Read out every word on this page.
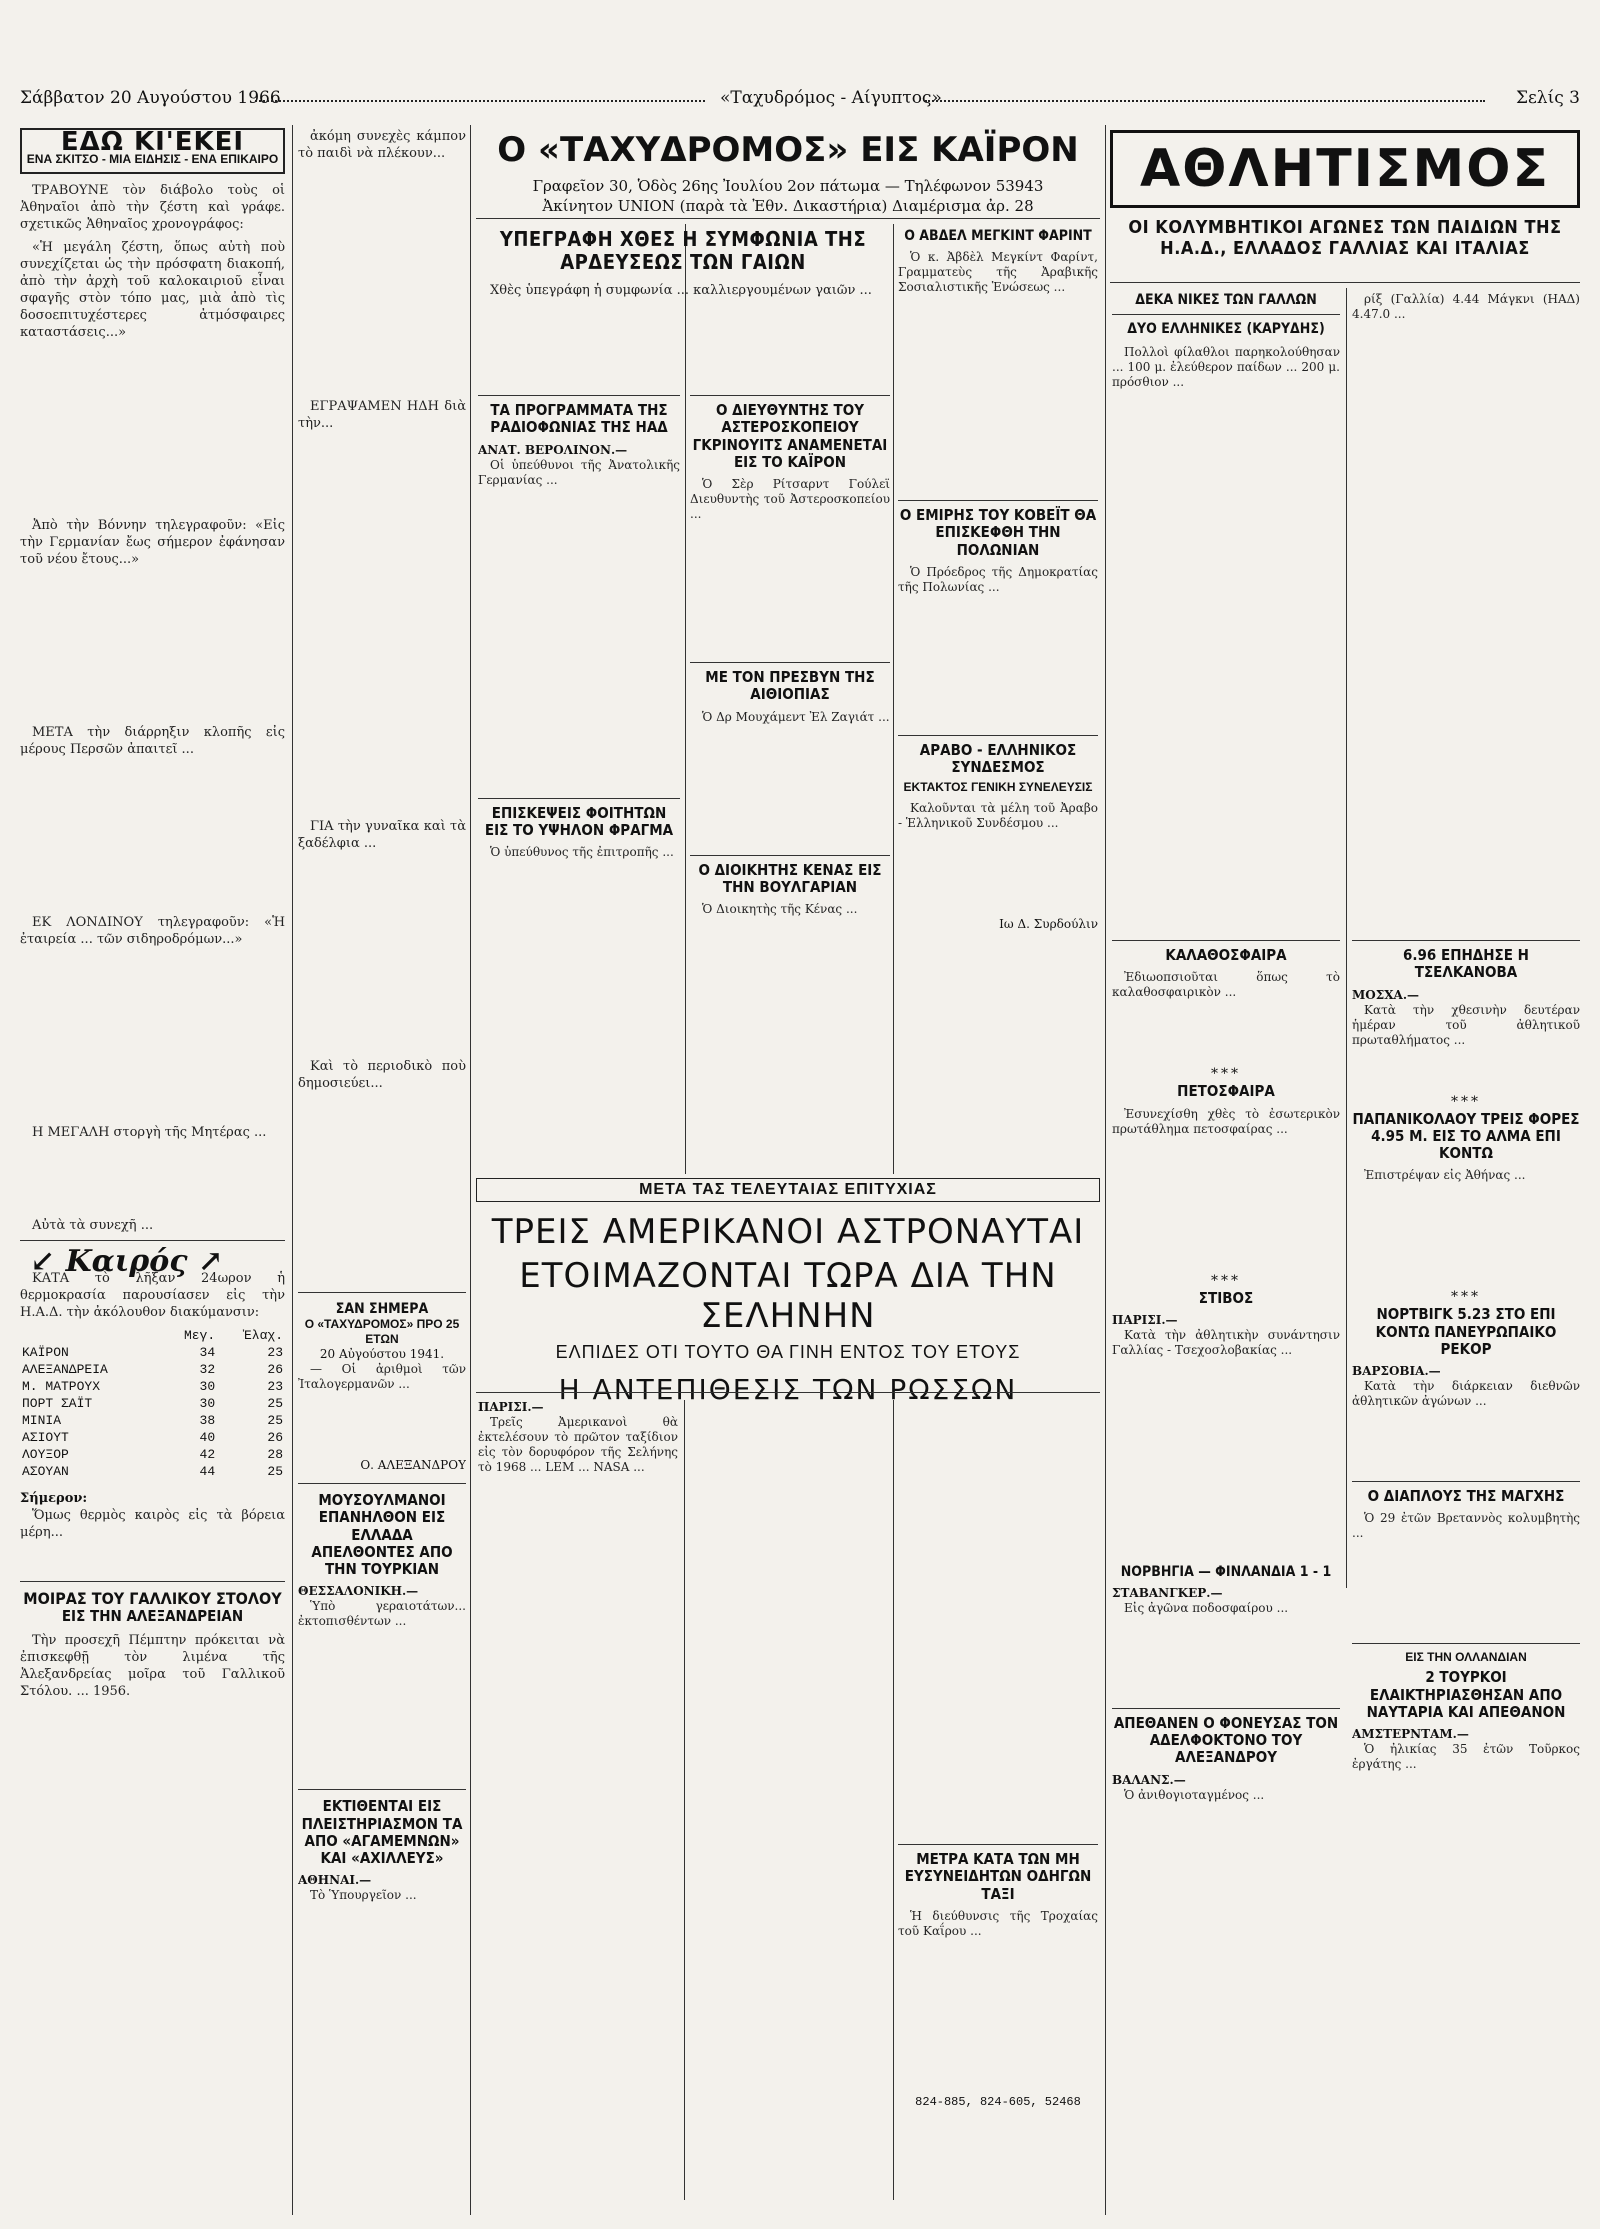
Σάββατον 20 Αυγούστου 1966	«Ταχυδρόμος - Αίγυπτος»	Σελίς 3
ΕΔΩ ΚΙ'ΕΚΕΙ
ΕΝΑ ΣΚΙΤΣΟ - ΜΙΑ ΕΙΔΗΣΙΣ - ΕΝΑ ΕΠΙΚΑΙΡΟ

ΤΡΑΒΟΥΝΕ τὸν διάβολο τοὺς οἱ Ἀθηναῖοι ἀπὸ τὴν ζέστη καὶ γράφε. σχετικῶς Ἀθηναῖος χρονογράφος:

«Ἡ μεγάλη ζέστη, ὅπως αὐτὴ ποὺ συνεχίζεται ὡς τὴν πρόσφατη διακοπή, ἀπὸ τὴν ἀρχὴ τοῦ καλοκαιριοῦ εἶναι σφαγῆς στὸν τόπο μας, μιὰ ἀπὸ τὶς δοσοεπιτυχέστερες ἀτμόσφαιρες καταστάσεις...»

Ἀπὸ τὴν Βόννην τηλεγραφοῦν: «Εἰς τὴν Γερμανίαν ἔως σήμερον ἐφάνησαν τοῦ νέου ἔτους...»

ΜΕΤΑ τὴν διάρρηξιν κλοπῆς εἰς μέρους Περσῶν ἀπαιτεῖ ...

ΕΚ ΛΟΝΔΙΝΟΥ τηλεγραφοῦν: «Ἡ ἐταιρεία ... τῶν σιδηροδρόμων...»

Η ΜΕΓΑΛΗ στοργὴ τῆς Μητέρας ...

Αὐτὰ τὰ συνεχῆ ...

↙ Καιρός ↗

ΚΑΤΑ τὸ λῆξαν 24ωρον ἡ θερμοκρασία παρουσίασεν εἰς τὴν Η.Α.Δ. τὴν ἀκόλουθον διακύμανσιν:

	Μεγ.	Ἐλαχ.
ΚΑΪΡΟΝ	34	23
ΑΛΕΞΑΝΔΡΕΙΑ	32	26
Μ. ΜΑΤΡΟΥΧ	30	23
ΠΟΡΤ ΣΑΪΤ	30	25
ΜΙΝΙΑ	38	25
ΑΣΙΟΥΤ	40	26
ΛΟΥΞΟΡ	42	28
ΑΣΟΥΑΝ	44	25
Σήμερον:

Ὅμως θερμὸς καιρὸς εἰς τὰ βόρεια μέρη...

ΜΟΙΡΑΣ ΤΟΥ ΓΑΛΛΙΚΟΥ ΣΤΟΛΟΥ
ΕΙΣ ΤΗΝ ΑΛΕΞΑΝΔΡΕΙΑΝ

Τὴν προσεχῆ Πέμπτην πρόκειται νὰ ἐπισκεφθῇ τὸν λιμένα τῆς Ἀλεξανδρείας μοῖρα τοῦ Γαλλικοῦ Στόλου. ... 1956.

ἀκόμη συνεχὲς κάμπον τὸ παιδὶ νὰ πλέκουν...

ΕΓΡΑΨΑΜΕΝ ΗΔΗ διὰ τὴν...

ΓΙΑ τὴν γυναῖκα καὶ τὰ ξαδέλφια ...

Καὶ τὸ περιοδικὸ ποὺ δημοσιεύει...

ΣΑΝ ΣΗΜΕΡΑ
Ο «ΤΑΧΥΔΡΟΜΟΣ» ΠΡΟ 25 ΕΤΩΝ
20 Αὐγούστου 1941.

— Οἱ ἀριθμοὶ τῶν Ἰταλογερμανῶν ...

Ο. ΑΛΕΞΑΝΔΡΟΥ
ΜΟΥΣΟΥΛΜΑΝΟΙ ΕΠΑΝΗΛΘΟΝ ΕΙΣ ΕΛΛΑΔΑ ΑΠΕΛΘΟΝΤΕΣ ΑΠΟ ΤΗΝ ΤΟΥΡΚΙΑΝ
ΘΕΣΣΑΛΟΝΙΚΗ.—

Ὑπὸ γεραιοτάτων... ἐκτοπισθέντων ...

ΕΚΤΙΘΕΝΤΑΙ ΕΙΣ ΠΛΕΙΣΤΗΡΙΑΣΜΟΝ ΤΑ ΑΠΟ «ΑΓΑΜΕΜΝΩΝ» ΚΑΙ «ΑΧΙΛΛΕΥΣ»
ΑΘΗΝΑΙ.—

Τὸ Ὑπουργεῖον ...

Ο «ΤΑΧΥΔΡΟΜΟΣ» ΕΙΣ ΚΑΪΡΟΝ
Γραφεῖον 30, Ὁδὸς 26ης Ἰουλίου 2ον πάτωμα — Τηλέφωνον 53943
Ἀκίνητον UNION (παρὰ τὰ Ἐθν. Δικαστήρια) Διαμέρισμα ἀρ. 28
ΥΠΕΓΡΑΦΗ ΧΘΕΣ Η ΣΥΜΦΩΝΙΑ ΤΗΣ ΑΡΔΕΥΣΕΩΣ ΤΩΝ ΓΑΙΩΝ

Χθὲς ὑπεγράφη ἡ συμφωνία ... καλλιεργουμένων γαιῶν ...

Ο ΑΒΔΕΛ ΜΕΓΚΙΝΤ ΦΑΡΙΝΤ

Ὁ κ. Ἀβδὲλ Μεγκίντ Φαρίντ, Γραμματεὺς τῆς Ἀραβικῆς Σοσιαλιστικῆς Ἑνώσεως ...

ΤΑ ΠΡΟΓΡΑΜΜΑΤΑ ΤΗΣ ΡΑΔΙΟΦΩΝΙΑΣ ΤΗΣ ΗΑΔ
ΑΝΑΤ. ΒΕΡΟΛΙΝΟΝ.—

Οἱ ὑπεύθυνοι τῆς Ἀνατολικῆς Γερμανίας ...

ΕΠΙΣΚΕΨΕΙΣ ΦΟΙΤΗΤΩΝ ΕΙΣ ΤΟ ΥΨΗΛΟΝ ΦΡΑΓΜΑ

Ὁ ὑπεύθυνος τῆς ἐπιτροπῆς ...

Ο ΔΙΕΥΘΥΝΤΗΣ ΤΟΥ ΑΣΤΕΡΟΣΚΟΠΕΙΟΥ ΓΚΡΙΝΟΥΙΤΣ ΑΝΑΜΕΝΕΤΑΙ ΕΙΣ ΤΟ ΚΑΪΡΟΝ

Ὁ Σὲρ Ρίτσαρντ Γούλεϊ Διευθυντὴς τοῦ Ἀστεροσκοπείου ...

ΜΕ ΤΟΝ ΠΡΕΣΒΥΝ ΤΗΣ ΑΙΘΙΟΠΙΑΣ

Ὁ Δρ Μουχάμεντ Ἐλ Ζαγιάτ ...

Ο ΔΙΟΙΚΗΤΗΣ ΚΕΝΑΣ ΕΙΣ ΤΗΝ ΒΟΥΛΓΑΡΙΑΝ

Ὁ Διοικητὴς τῆς Κένας ...

Ο ΕΜΙΡΗΣ ΤΟΥ ΚΟΒΕΪΤ ΘΑ ΕΠΙΣΚΕΦΘΗ ΤΗΝ ΠΟΛΩΝΙΑΝ

Ὁ Πρόεδρος τῆς Δημοκρατίας τῆς Πολωνίας ...

ΑΡΑΒΟ - ΕΛΛΗΝΙΚΟΣ ΣΥΝΔΕΣΜΟΣ
ΕΚΤΑΚΤΟΣ ΓΕΝΙΚΗ ΣΥΝΕΛΕΥΣΙΣ

Καλοῦνται τὰ μέλη τοῦ Ἀραβο - Ἑλληνικοῦ Συνδέσμου ...

Ιω Δ. Συρδούλιν
ΜΕΤΑ ΤΑΣ ΤΕΛΕΥΤΑΙΑΣ ΕΠΙΤΥΧΙΑΣ
ΤΡΕΙΣ ΑΜΕΡΙΚΑΝΟΙ ΑΣΤΡΟΝΑΥΤΑΙ
ΕΤΟΙΜΑΖΟΝΤΑΙ ΤΩΡΑ ΔΙΑ ΤΗΝ ΣΕΛΗΝΗΝ
ΕΛΠΙΔΕΣ ΟΤΙ ΤΟΥΤΟ ΘΑ ΓΙΝΗ ΕΝΤΟΣ ΤΟΥ ΕΤΟΥΣ
Η ΑΝΤΕΠΙΘΕΣΙΣ ΤΩΝ ΡΩΣΣΩΝ
ΠΑΡΙΣΙ.—

Τρεῖς Ἀμερικανοὶ θὰ ἐκτελέσουν τὸ πρῶτον ταξίδιον εἰς τὸν δορυφόρον τῆς Σελήνης τὸ 1968 ... LEM ... NASA ...

ΜΕΤΡΑ ΚΑΤΑ ΤΩΝ ΜΗ ΕΥΣΥΝΕΙΔΗΤΩΝ ΟΔΗΓΩΝ ΤΑΞΙ

Ἡ διεύθυνσις τῆς Τροχαίας τοῦ Καΐρου ...

824-885, 824-605, 52468
ΑΘΛΗΤΙΣΜΟΣ
ΟΙ ΚΟΛΥΜΒΗΤΙΚΟΙ ΑΓΩΝΕΣ ΤΩΝ ΠΑΙΔΙΩΝ ΤΗΣ Η.Α.Δ., ΕΛΛΑΔΟΣ ΓΑΛΛΙΑΣ ΚΑΙ ΙΤΑΛΙΑΣ
ΔΕΚΑ ΝΙΚΕΣ ΤΩΝ ΓΑΛΛΩΝ
ΔΥΟ ΕΛΛΗΝΙΚΕΣ (ΚΑΡΥΔΗΣ)

Πολλοὶ φίλαθλοι παρηκολούθησαν ... 100 μ. ἐλεύθερον παίδων ... 200 μ. πρόσθιον ...

ρίξ (Γαλλία) 4.44 Μάγκνι (ΗΑΔ) 4.47.0 ...

ΚΑΛΑΘΟΣΦΑΙΡΑ

Ἐδιωοπσιοῦται ὅπως τὸ καλαθοσφαιρικὸν ...

***
ΠΕΤΟΣΦΑΙΡΑ

Ἐσυνεχίσθη χθὲς τὸ ἐσωτερικὸν πρωτάθλημα πετοσφαίρας ...

***
ΣΤΙΒΟΣ
ΠΑΡΙΣΙ.—

Κατὰ τὴν ἀθλητικὴν συνάντησιν Γαλλίας - Τσεχοσλοβακίας ...

ΝΟΡΒΗΓΙΑ — ΦΙΝΛΑΝΔΙΑ 1 - 1
ΣΤΑΒΑΝΓΚΕΡ.—

Εἰς ἀγῶνα ποδοσφαίρου ...

ΑΠΕΘΑΝΕΝ Ο ΦΟΝΕΥΣΑΣ ΤΟΝ ΑΔΕΛΦΟΚΤΟΝΟ ΤΟΥ ΑΛΕΞΑΝΔΡΟΥ
ΒΑΛΑΝΣ.—

Ὁ ἀνιθογιοταγμένος ...

6.96 ΕΠΗΔΗΣΕ Η ΤΣΕΛΚΑΝΟΒΑ
ΜΟΣΧΑ.—

Κατὰ τὴν χθεσινὴν δευτέραν ἡμέραν τοῦ ἀθλητικοῦ πρωταθλήματος ...

***
ΠΑΠΑΝΙΚΟΛΑΟΥ ΤΡΕΙΣ ΦΟΡΕΣ 4.95 Μ. ΕΙΣ ΤΟ ΑΛΜΑ ΕΠΙ ΚΟΝΤΩ

Ἐπιστρέψαν εἰς Ἀθήνας ...

***
ΝΟΡΤΒΙΓΚ 5.23 ΣΤΟ ΕΠΙ ΚΟΝΤΩ ΠΑΝΕΥΡΩΠΑΙΚΟ ΡΕΚΟΡ
ΒΑΡΣΟΒΙΑ.—

Κατὰ τὴν διάρκειαν διεθνῶν ἀθλητικῶν ἀγώνων ...

Ο ΔΙΑΠΛΟΥΣ ΤΗΣ ΜΑΓΧΗΣ

Ὁ 29 ἐτῶν Βρεταννὸς κολυμβητὴς ...

ΕΙΣ ΤΗΝ ΟΛΛΑΝΔΙΑΝ
2 ΤΟΥΡΚΟΙ ΕΛΑΙΚΤΗΡΙΑΣΘΗΣΑΝ ΑΠΟ ΝΑΥΤΑΡΙΑ ΚΑΙ ΑΠΕΘΑΝΟΝ
ΑΜΣΤΕΡΝΤΑΜ.—

Ὁ ἠλικίας 35 ἐτῶν Τοῦρκος ἐργάτης ...
